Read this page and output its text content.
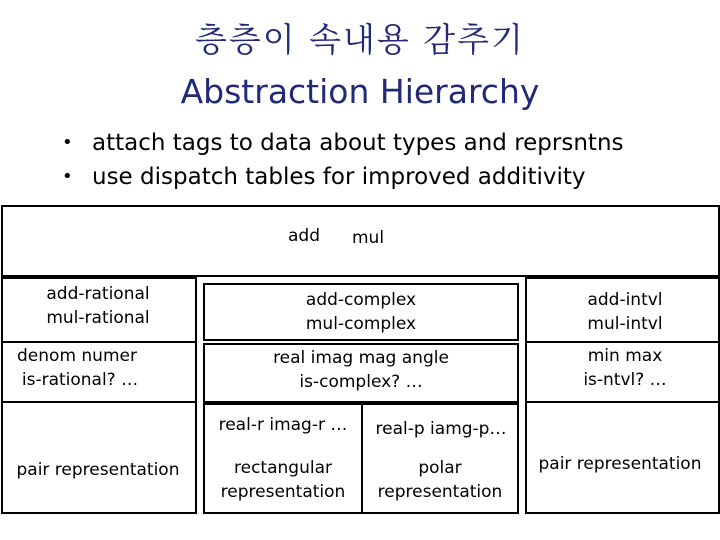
층층이 속내용 감추기
Abstraction Hierarchy
• attach tags to data about types and reprsntns
• use dispatch tables for improved additivity
add mul
add-rational
mul-rational
denom numer
is-rational? …
pair representation
add-complex
mul-complex
real imag mag angle
is-complex? …
real-r imag-r …	real-p iamg-p…
rectangular
representation
polar
representation
add-intvl
mul-intvl
min max
is-ntvl? …
pair representation
